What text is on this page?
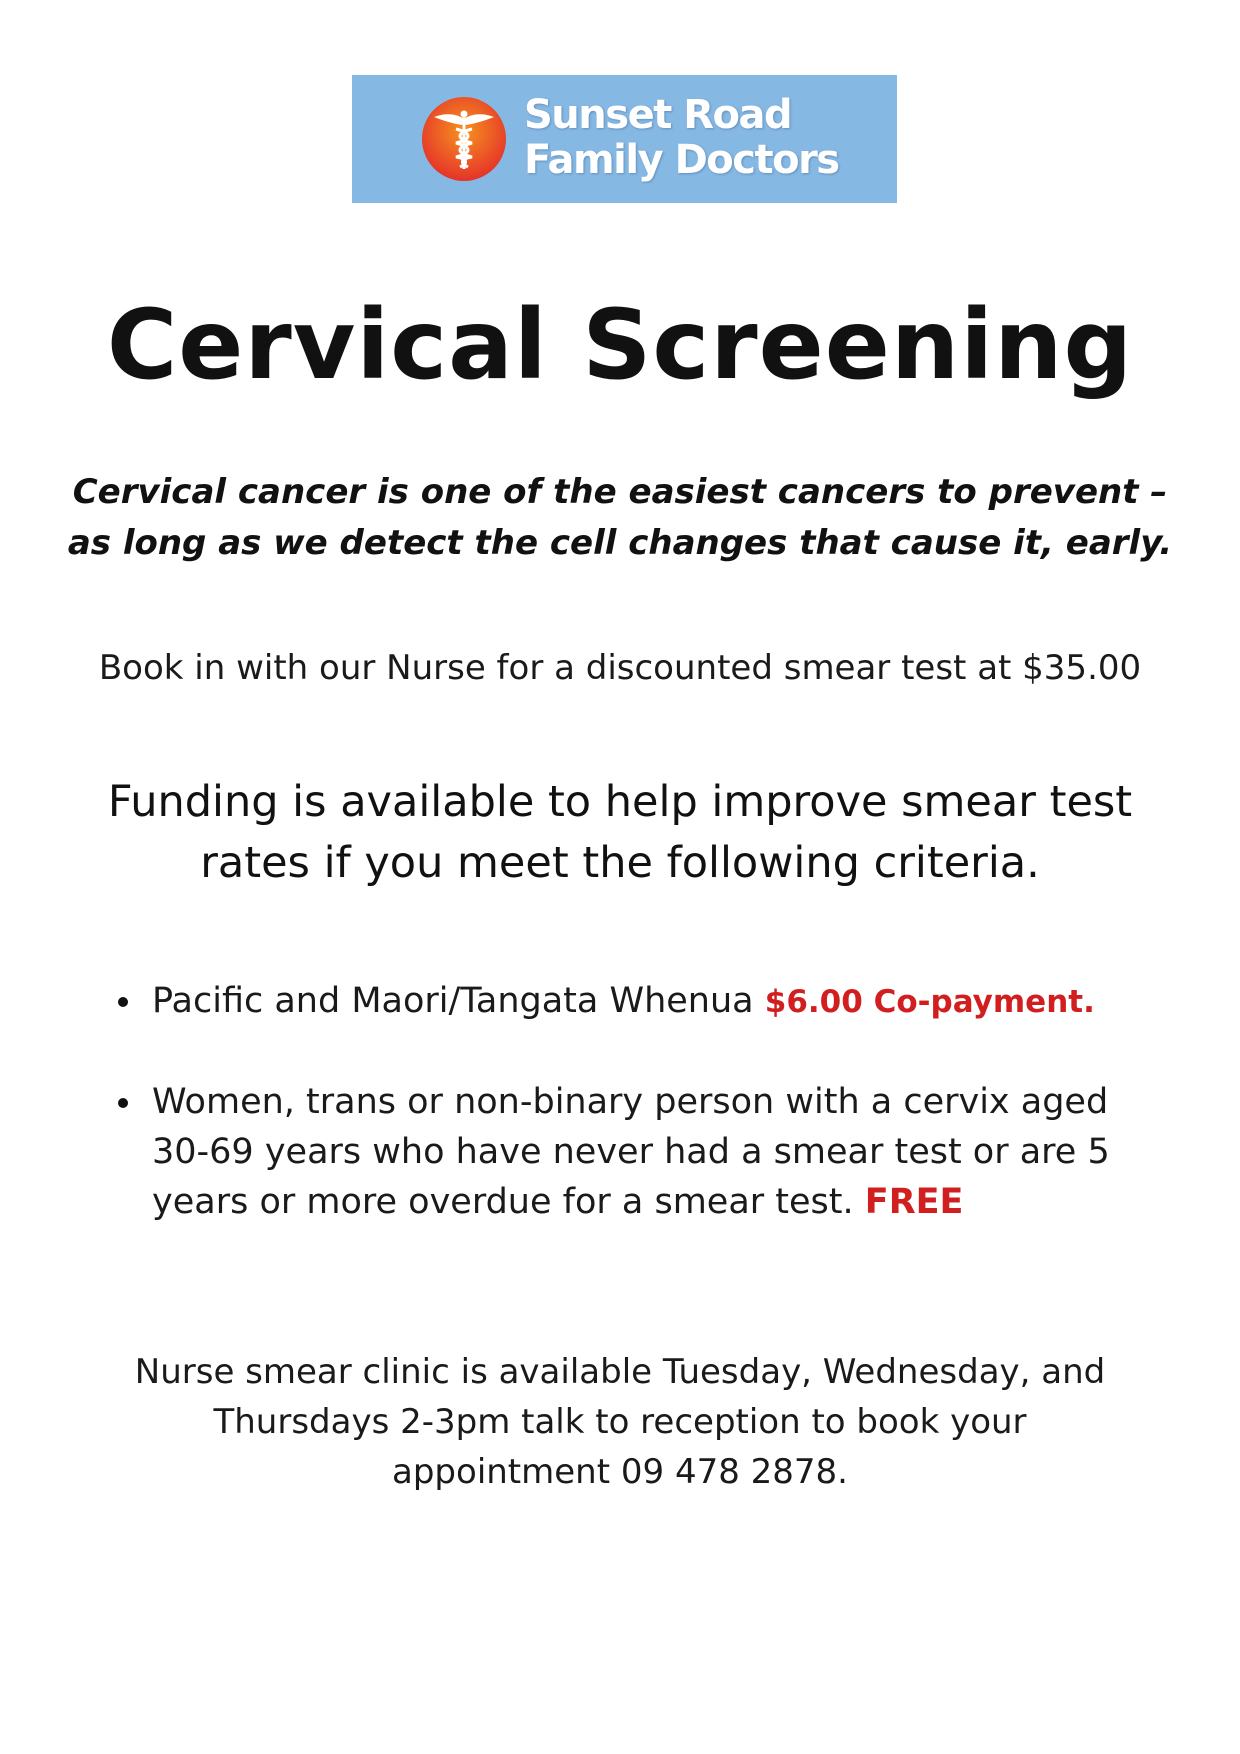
Sunset Road
Family Doctors
Cervical Screening
Cervical cancer is one of the easiest cancers to prevent –
as long as we detect the cell changes that cause it, early.
Book in with our Nurse for a discounted smear test at $35.00
Funding is available to help improve smear test
rates if you meet the following criteria.
Pacific and Maori/Tangata Whenua $6.00 Co-payment.
Women, trans or non-binary person with a cervix aged
30-69 years who have never had a smear test or are 5
years or more overdue for a smear test. FREE
Nurse smear clinic is available Tuesday, Wednesday, and
Thursdays 2-3pm talk to reception to book your
appointment 09 478 2878.
